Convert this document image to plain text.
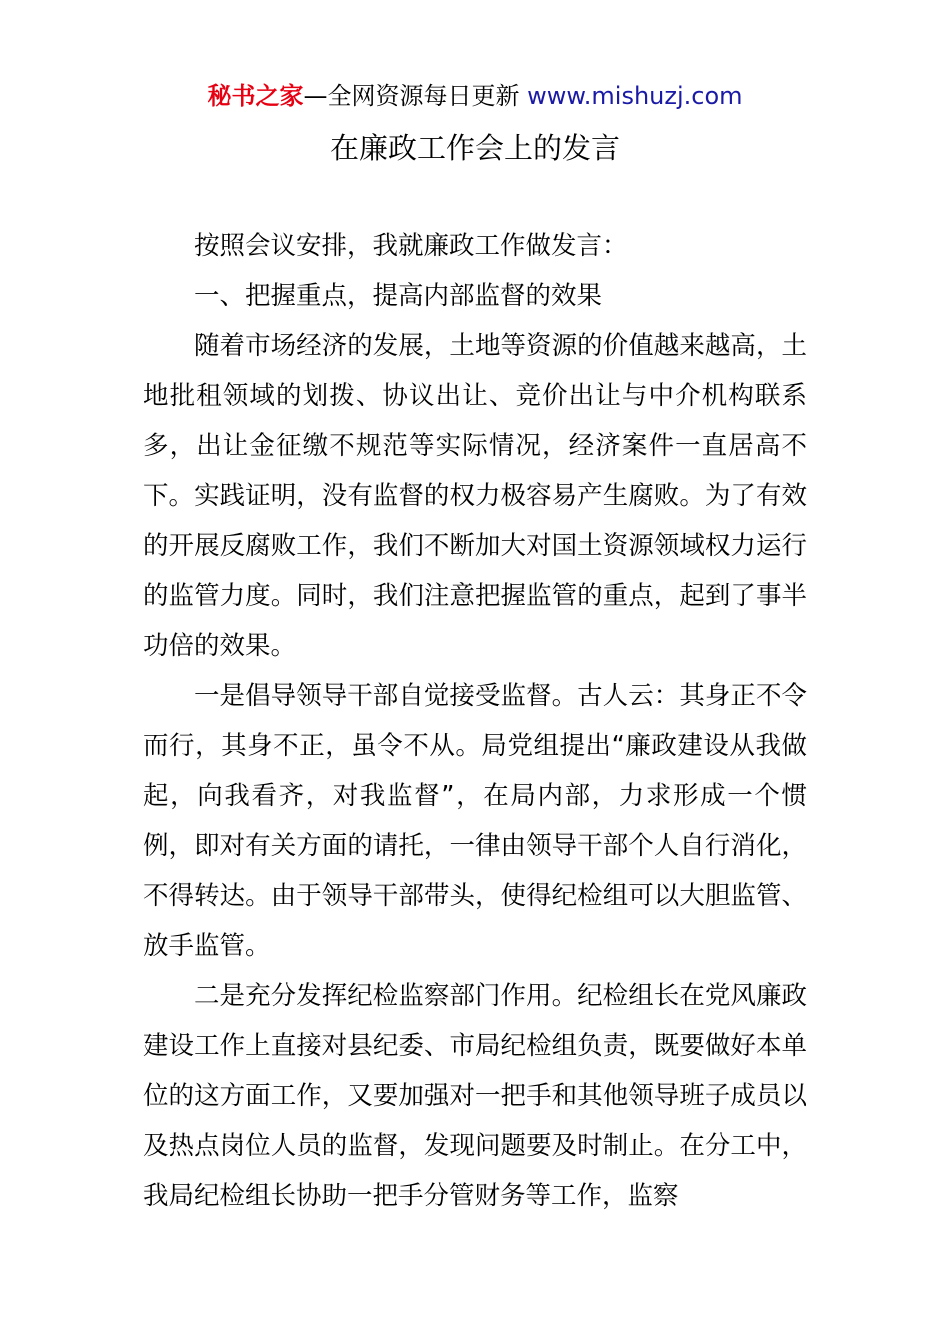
秘书之家—全网资源每日更新 www.mishuzj.com
在廉政工作会上的发言

按照会议安排，我就廉政工作做发言：

一、把握重点，提高内部监督的效果

随着市场经济的发展，土地等资源的价值越来越高，土地批租领域的划拨、协议出让、竞价出让与中介机构联系多，出让金征缴不规范等实际情况，经济案件一直居高不下。实践证明，没有监督的权力极容易产生腐败。为了有效的开展反腐败工作，我们不断加大对国土资源领域权力运行的监管力度。同时，我们注意把握监管的重点，起到了事半功倍的效果。

一是倡导领导干部自觉接受监督。古人云：其身正不令而行，其身不正，虽令不从。局党组提出“廉政建设从我做起，向我看齐，对我监督”，在局内部，力求形成一个惯例，即对有关方面的请托，一律由领导干部个人自行消化，不得转达。由于领导干部带头，使得纪检组可以大胆监管、放手监管。

二是充分发挥纪检监察部门作用。纪检组长在党风廉政建设工作上直接对县纪委、市局纪检组负责，既要做好本单位的这方面工作，又要加强对一把手和其他领导班子成员以及热点岗位人员的监督，发现问题要及时制止。在分工中，我局纪检组长协助一把手分管财务等工作，监察
